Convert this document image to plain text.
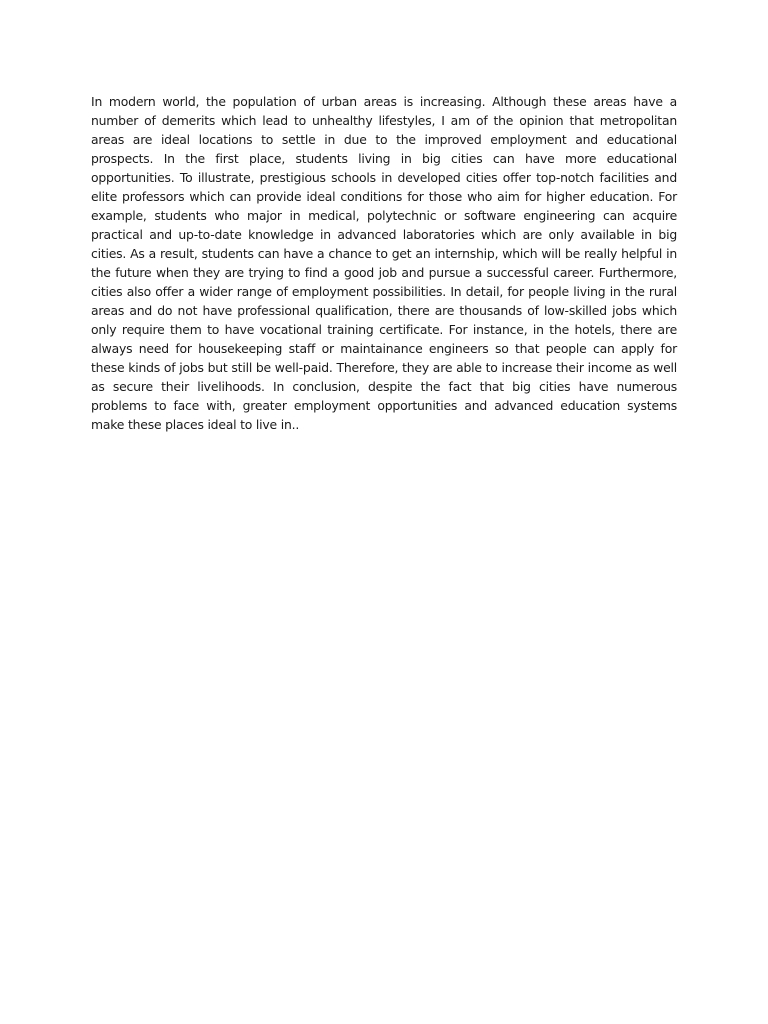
In modern world, the population of urban areas is increasing. Although these areas have a number of demerits which lead to unhealthy lifestyles, I am of the opinion that metropolitan areas are ideal locations to settle in due to the improved employment and educational prospects. In the first place, students living in big cities can have more educational opportunities. To illustrate, prestigious schools in developed cities offer top-notch facilities and elite professors which can provide ideal conditions for those who aim for higher education. For example, students who major in medical, polytechnic or software engineering can acquire practical and up-to-date knowledge in advanced laboratories which are only available in big cities. As a result, students can have a chance to get an internship, which will be really helpful in the future when they are trying to find a good job and pursue a successful career. Furthermore, cities also offer a wider range of employment possibilities. In detail, for people living in the rural areas and do not have professional qualification, there are thousands of low-skilled jobs which only require them to have vocational training certificate. For instance, in the hotels, there are always need for housekeeping staff or maintainance engineers so that people can apply for these kinds of jobs but still be well-paid. Therefore, they are able to increase their income as well as secure their livelihoods. In conclusion, despite the fact that big cities have numerous problems to face with, greater employment opportunities and advanced education systems make these places ideal to live in..
